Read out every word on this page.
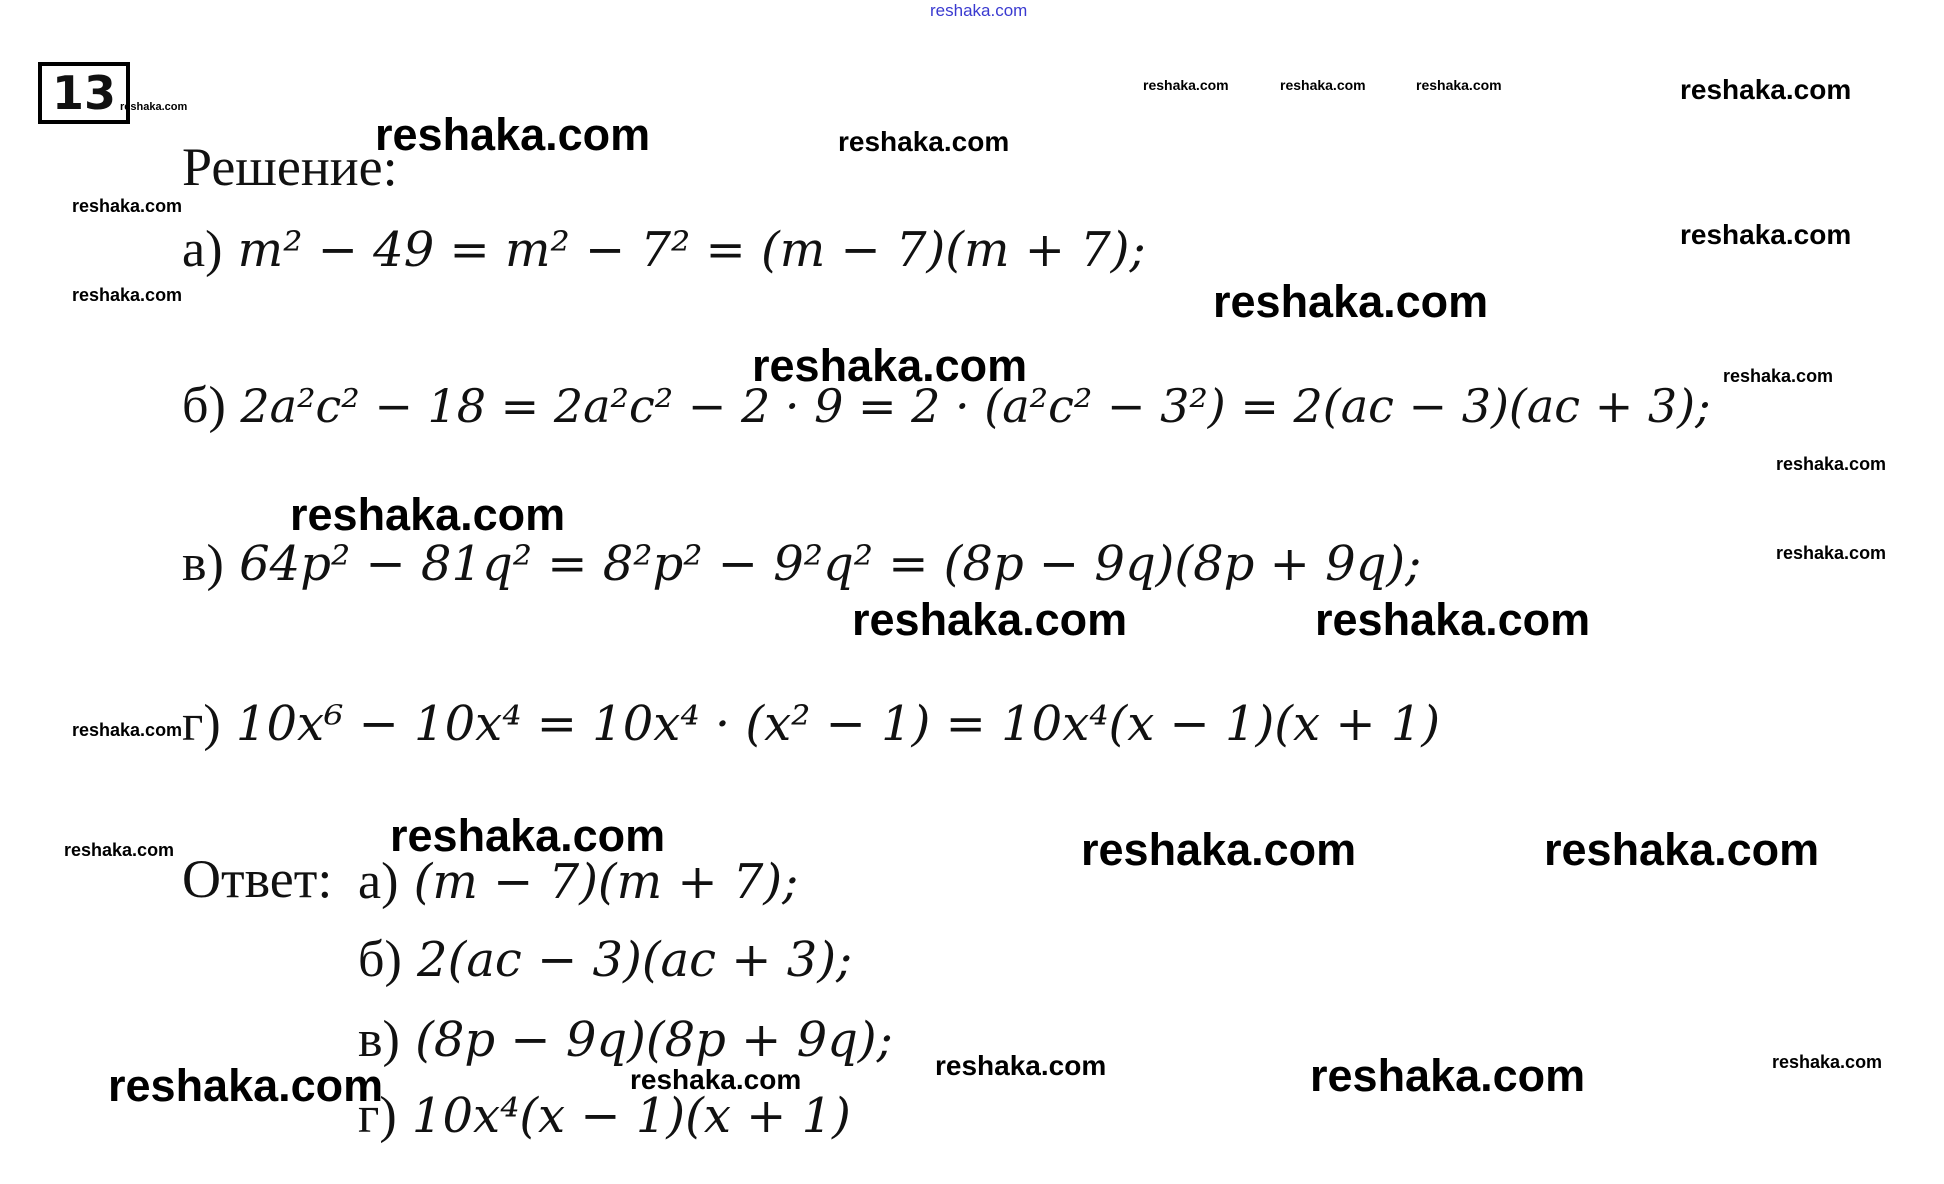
reshaka.com
reshaka.com
reshaka.com	reshaka.com	reshaka.com	reshaka.com
reshaka.com	reshaka.com
reshaka.com
reshaka.com
reshaka.com	reshaka.com
reshaka.com	reshaka.com
reshaka.com
reshaka.com
reshaka.com
reshaka.com	reshaka.com
reshaka.com
reshaka.com
reshaka.com	reshaka.com	reshaka.com
reshaka.com	reshaka.com	reshaka.com	reshaka.com	reshaka.com
13
Решение:
а) m² − 49 = m² − 7² = (m − 7)(m + 7);
б) 2a²c² − 18 = 2a²c² − 2 · 9 = 2 · (a²c² − 3²) = 2(ac − 3)(ac + 3);
в) 64p² − 81q² = 8²p² − 9²q² = (8p − 9q)(8p + 9q);
г) 10x⁶ − 10x⁴ = 10x⁴ · (x² − 1) = 10x⁴(x − 1)(x + 1)
Ответ: а) (m − 7)(m + 7);
б) 2(ac − 3)(ac + 3);
в) (8p − 9q)(8p + 9q);
г) 10x⁴(x − 1)(x + 1)
